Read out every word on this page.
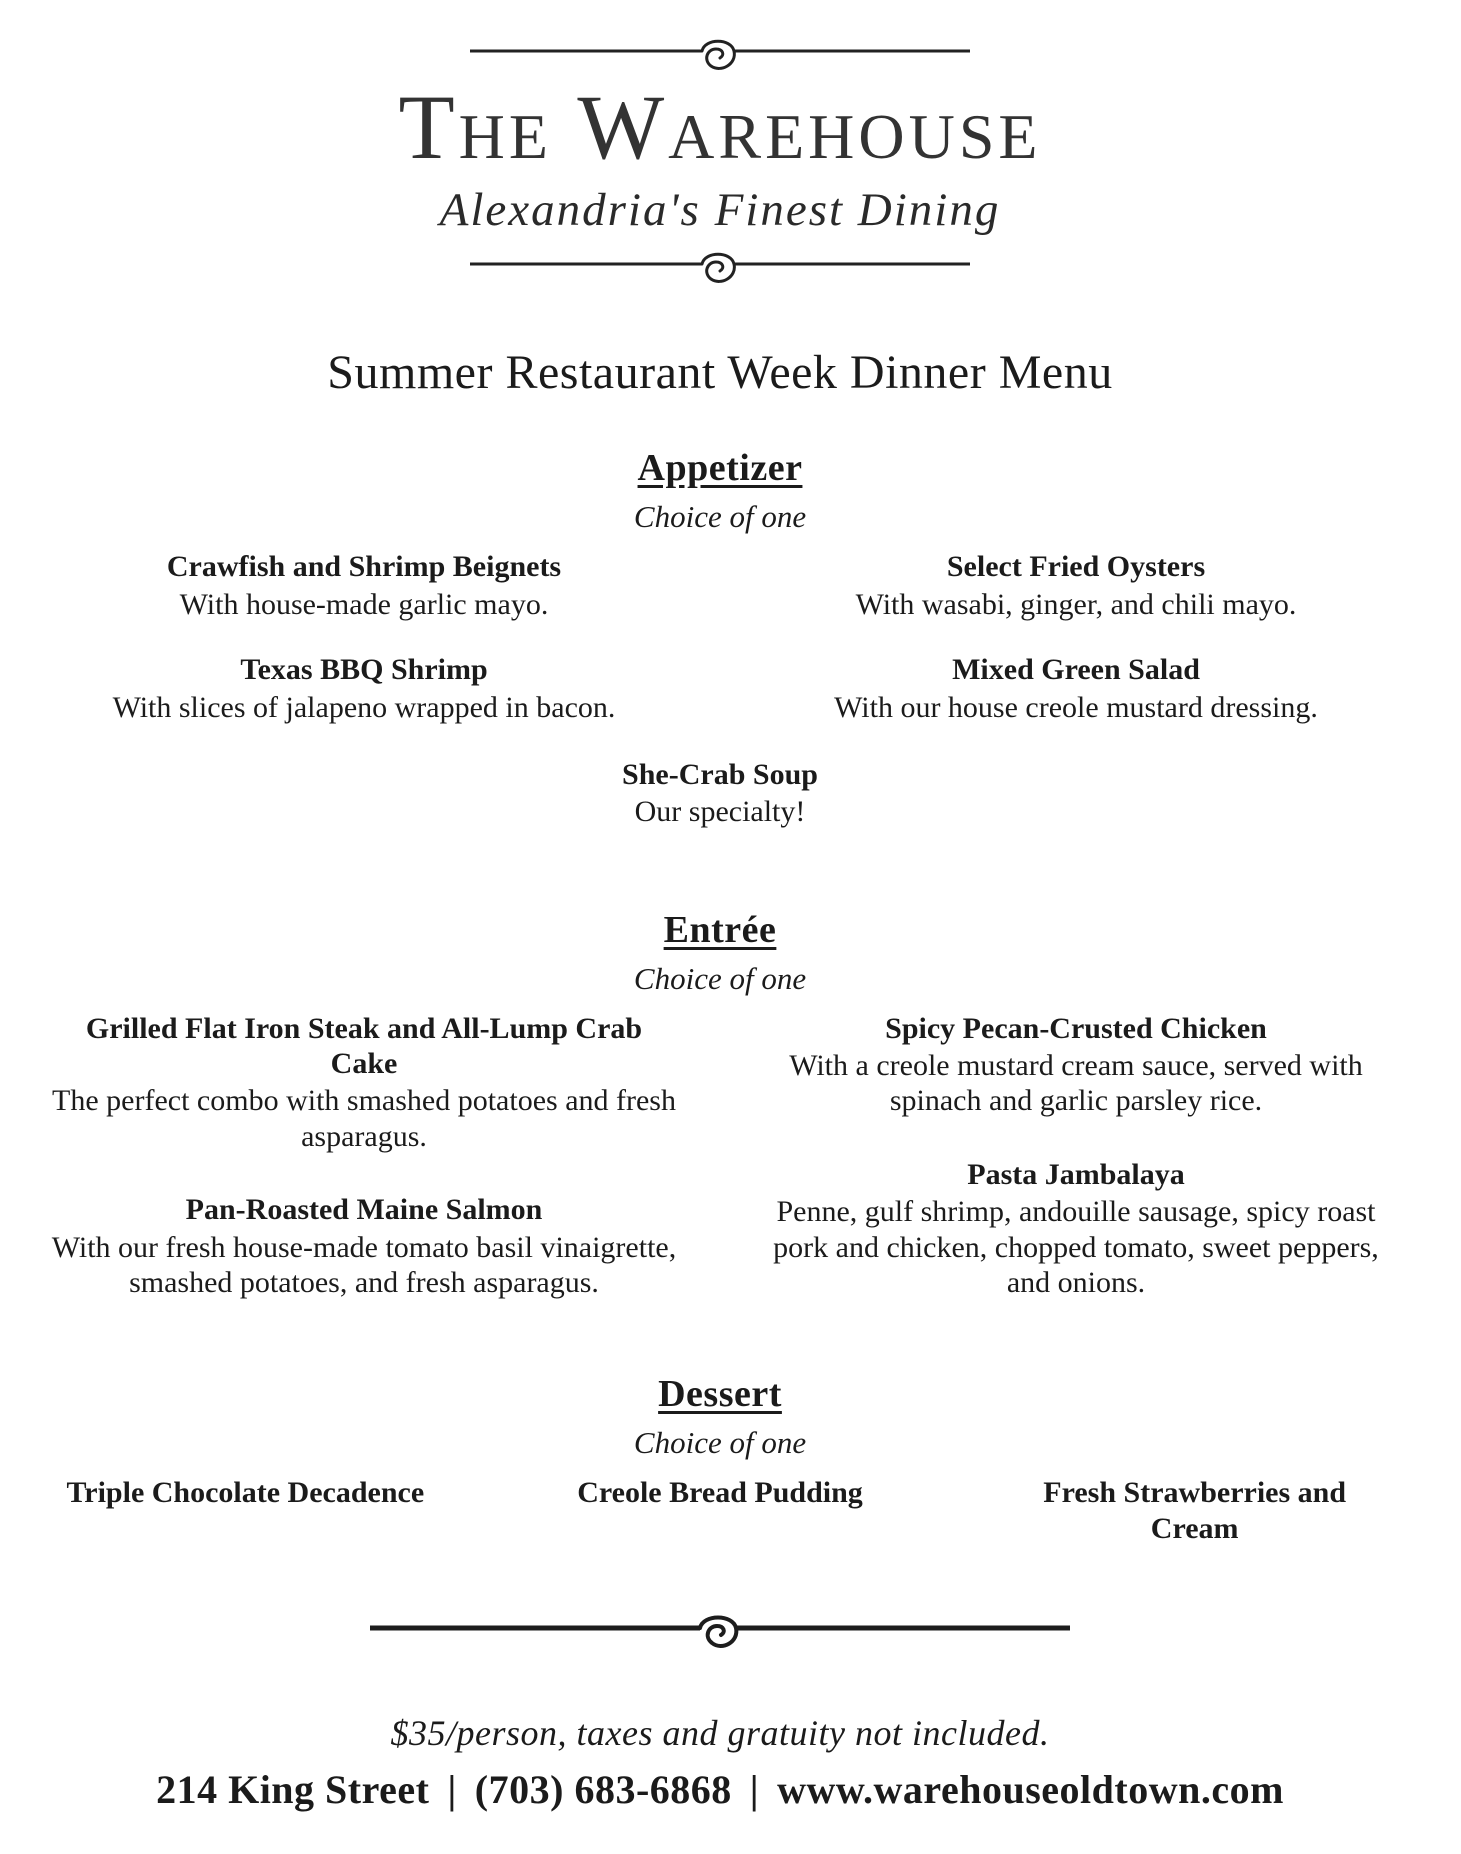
The Warehouse
Alexandria's Finest Dining
Summer Restaurant Week Dinner Menu
Appetizer
Choice of one
Crawfish and Shrimp Beignets
With house-made garlic mayo.
Select Fried Oysters
With wasabi, ginger, and chili mayo.
Texas BBQ Shrimp
With slices of jalapeno wrapped in bacon.
Mixed Green Salad
With our house creole mustard dressing.
She-Crab Soup
Our specialty!
Entrée
Choice of one
Grilled Flat Iron Steak and All-Lump Crab Cake
The perfect combo with smashed potatoes and fresh asparagus.
Pan-Roasted Maine Salmon
With our fresh house-made tomato basil vinaigrette, smashed potatoes, and fresh asparagus.
Spicy Pecan-Crusted Chicken
With a creole mustard cream sauce, served with spinach and garlic parsley rice.
Pasta Jambalaya
Penne, gulf shrimp, andouille sausage, spicy roast pork and chicken, chopped tomato, sweet peppers, and onions.
Dessert
Choice of one
Triple Chocolate Decadence	Creole Bread Pudding	Fresh Strawberries and Cream
$35/person, taxes and gratuity not included.
214 King Street | (703) 683-6868 | www.warehouseoldtown.com
